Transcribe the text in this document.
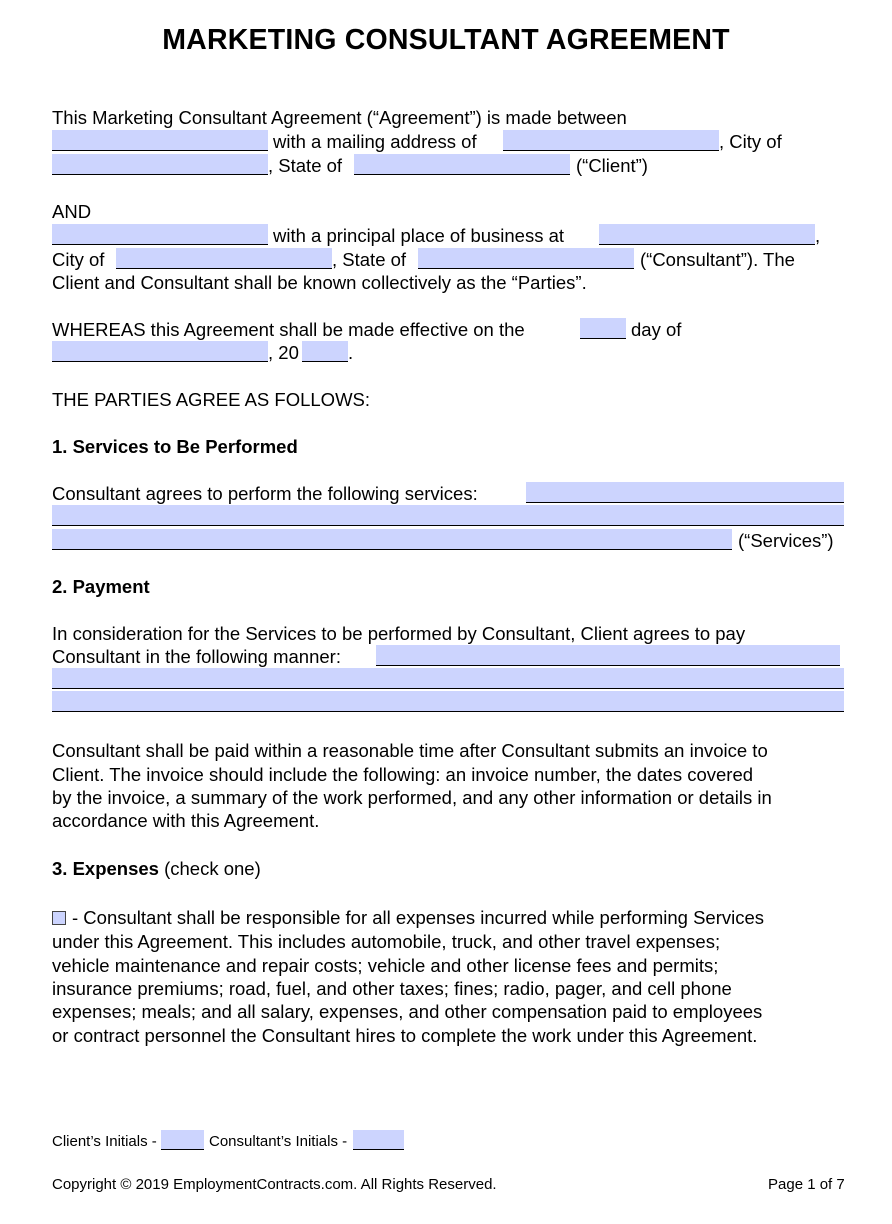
MARKETING CONSULTANT AGREEMENT
This Marketing Consultant Agreement (“Agreement”) is made between
with a mailing address of	, City of
, State of	(“Client”)
AND
with a principal place of business at	,
City of	, State of	(“Consultant”). The
Client and Consultant shall be known collectively as the “Parties”.
WHEREAS this Agreement shall be made effective on the	day of
, 20	.
THE PARTIES AGREE AS FOLLOWS:
1. Services to Be Performed
Consultant agrees to perform the following services:
(“Services”)
2. Payment
In consideration for the Services to be performed by Consultant, Client agrees to pay
Consultant in the following manner:
Consultant shall be paid within a reasonable time after Consultant submits an invoice to
Client. The invoice should include the following: an invoice number, the dates covered
by the invoice, a summary of the work performed, and any other information or details in
accordance with this Agreement.
3. Expenses (check one)
- Consultant shall be responsible for all expenses incurred while performing Services
under this Agreement. This includes automobile, truck, and other travel expenses;
vehicle maintenance and repair costs; vehicle and other license fees and permits;
insurance premiums; road, fuel, and other taxes; fines; radio, pager, and cell phone
expenses; meals; and all salary, expenses, and other compensation paid to employees
or contract personnel the Consultant hires to complete the work under this Agreement.
Client’s Initials -	Consultant’s Initials -
Copyright © 2019 EmploymentContracts.com. All Rights Reserved.	Page 1 of 7
